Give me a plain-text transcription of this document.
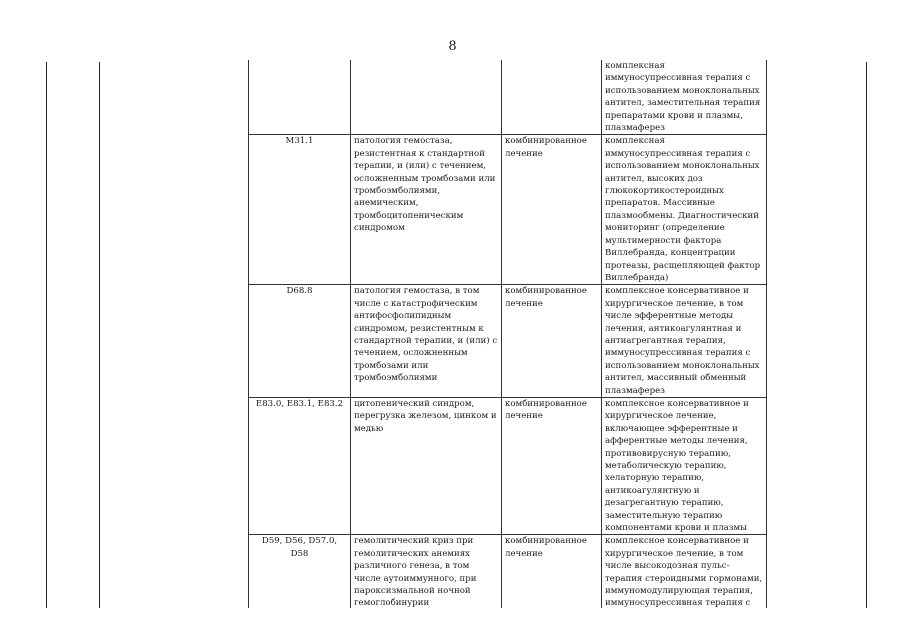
8
			комплексная иммуносупрессивная терапия с использованием моноклональных антител, заместительная терапия препаратами крови и плазмы, плазмаферез
M31.1	патология гемостаза, резистентная к стандартной терапии, и (или) с течением, осложненным тромбозами или тромбоэмболиями, анемическим, тромбоцитопеническим синдромом	комбинированное лечение	комплексная иммуносупрессивная терапия с использованием моноклональных антител, высоких доз глюкокортикостероидных препаратов. Массивные плазмообмены. Диагностический мониторинг (определение мультимерности фактора Виллебранда, концентрации протеазы, расщепляющей фактор Виллебранда)
D68.8	патология гемостаза, в том числе с катастрофическим антифосфолипидным синдромом, резистентным к стандартной терапии, и (или) с течением, осложненным тромбозами или тромбоэмболиями	комбинированное лечение	комплексное консервативное и хирургическое лечение, в том числе эфферентные методы лечения, антикоагулянтная и антиагрегантная терапия, иммуносупрессивная терапия с использованием моноклональных антител, массивный обменный плазмаферез
E83.0, E83.1, E83.2	цитопенический синдром, перегрузка железом, цинком и медью	комбинированное лечение	комплексное консервативное и хирургическое лечение, включающее эфферентные и афферентные методы лечения, противовирусную терапию, метаболическую терапию, хелаторную терапию, антикоагулянтную и дезагрегантную терапию, заместительную терапию компонентами крови и плазмы
D59, D56, D57.0, D58	гемолитический криз при гемолитических анемиях различного генеза, в том числе аутоиммунного, при пароксизмальной ночной гемоглобинурии	комбинированное лечение	комплексное консервативное и хирургическое лечение, в том числе высокодозная пульс-терапия стероидными гормонами, иммуномодулирующая терапия, иммуносупрессивная терапия с
